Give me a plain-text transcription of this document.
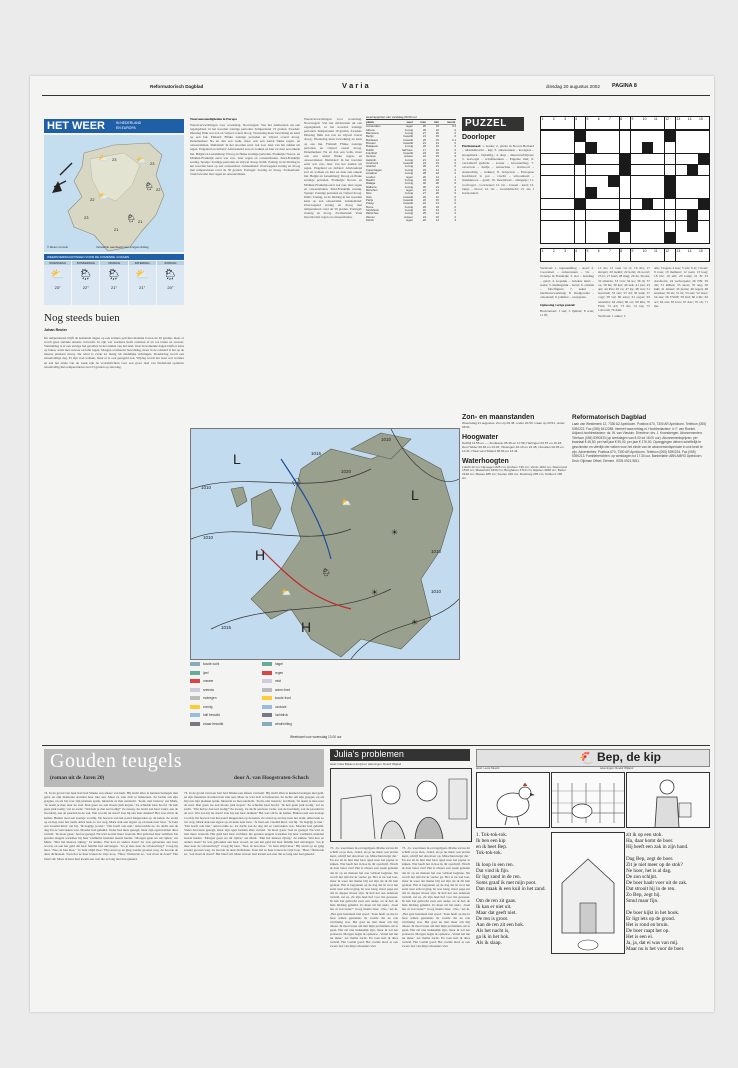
Reformatorisch Dagblad	V a r i a	dinsdag 20 augustus 2002 PAGINA 8
HET WEER	IN NEDERLAND
EN EUROPA
⛅	⛅
🌦
⛅
🌦
23
23
22
22
21
21
23
© Meteo Consult	Verwachte weerbeeld voor morgenmiddag
WEERSVERWACHTINGEN VOOR DE KOMENDE 4 DAGEN
WOENSDAG
⛅
23°
DONDERDAG
🌦
22°
VRIJDAG
🌦
21°
ZATERDAG
⛅
21°
ZONDAG
🌦
20°
Nog steeds buien
Johan Reuter

De temperaturen blijft de komende dagen op een zomers peil met maxima boven de 20 graden, maar er wordt geen stabiele situatie verwacht. In zijn wat warmere lucht ontstaan af en toe buien en onweer. Vanmiddag is er een stevige bui gevallen in het zuiden van het land. Ook de komende dagen blijft er kans op buien, soms met onweer en felle regen. Morgen overheerst bewolking, maar in de ochtend is het op de meeste plaatsen droog. De wind is zwak tot matig uit zuidelijke richtingen. Donderdag wordt een wisselvallige dag. Er zijn veel wolken, maar er is ook geregeld zon. Vrijdag wordt het weer wat warmer en aan het einde van de week zijn de vooruitzichten voor een groot deel van Nederland opnieuw wisselvallig met temperaturen rond 23 graden op zaterdag.

Weersomstandigheden in Europa

Weersverwachtingen voor woensdag. Noorwegen: Van het zuidwesten uit een regengebied, in het noorden zonnige perioden. Temperatuur 19 graden. Zweden: Dinsdag flink wat zon en vrijwel overal droog. Woensdag meer bewolking en kans op een bui. Finland: Flinke zonnige perioden en vrijwel overal droog. Denemarken: Na en dan een wolk, maar ook een aantal flinke regen- en onweersbuien. Duitsland: In het noorden eerst wat zon, later van het zuiden uit regen. Engeland en Ierland: Afwisselend zon en wolken en hier en daar een enkele bui. België en Luxemburg: Droog en flinke zonnige perioden. Frankrijk: Noord- en Midden-Frankrijk eerst wat zon, later regen en onweersbuien. Zuid-Frankrijk zonnig. Spanje: Zonnige perioden en vrijwel droog. Italië: Zonnig, in de middag in het noorden kans op een onweersbui. Griekenland: Overwegend zonnig en droog met temperaturen rond de 30 graden. Portugal: Zonnig en droog. Zwitserland: Vaak bewolkt met regen en onweersbuien.

Weersverwachtingen voor woensdag. Noorwegen: Van het zuidwesten uit een regengebied, in het noorden zonnige perioden. Temperatuur 19 graden. Zweden: Dinsdag flink wat zon en vrijwel overal droog. Woensdag meer bewolking en kans op een bui. Finland: Flinke zonnige perioden en vrijwel overal droog. Denemarken: Na en dan een wolk, maar ook een aantal flinke regen- en onweersbuien. Duitsland: In het noorden eerst wat zon, later van het zuiden uit regen. Engeland en Ierland: Afwisselend zon en wolken en hier en daar een enkele bui. België en Luxemburg: Droog en flinke zonnige perioden. Frankrijk: Noord- en Midden-Frankrijk eerst wat zon, later regen en onweersbuien. Zuid-Frankrijk zonnig. Spanje: Zonnige perioden en vrijwel droog. Italië: Zonnig, in de middag in het noorden kans op een onweersbui. Griekenland: Overwegend zonnig en droog met temperaturen rond de 30 graden. Portugal: Zonnig en droog. Zwitserland: Vaak bewolkt met regen en onweersbuien.

weerrapporten van vandaag 20.00 uur
plaats	weer	max	min	neersl.
Amsterdam	regen	20	15	0.2
Athene	zonnig	30	22	0
Barcelona	zonnig	27	20	0
Berlijn	bewolkt	24	15	0
Bordeaux	bewolkt	25	15	0.1
Brussel	bewolkt	21	13	0
Budapest	zonnig	26	16	0
Dublin	half bew.	17	10	0
Frankfurt	bewolkt	23	15	0
Genève	onweer	22	15	5
Helsinki	zonnig	21	14	0
Innsbruck	bewolkt	23	13	0
Istanbul	zonnig	28	21	0
Kopenhagen	zonnig	23	14	0
Lissabon	zonnig	28	18	0
Londen	regen	20	14	1
Madrid	zonnig	33	18	0
Malaga	zonnig	30	20	0
Mallorca	zonnig	30	21	0
München	regen	21	14	4
Nice	zonnig	27	20	0
Oslo	bewolkt	20	12	0
Parijs	bewolkt	22	15	0
Praag	bewolkt	22	14	0
Rome	zonnig	29	19	0
Stockholm	zonnig	22	13	0
Warschau	zonnig	25	14	0
Wenen	onweer	24	16	2
Zürich	regen	20	13	3
PUZZEL
Doorloper

Horizontaal: 1. boeke; 2. plaats in Noord-Holland – uitzendkracht – kip; 3. onbezonnen – kooigaas – snoepmerk – bijbelfig.; 4. dorp – dierenverblijven; 5. zeevogel – schaftkeuken – Engelse titel; 6. verzameld gedicht – koster – kloosterling; 7. oeverrots – duifje – aanrechter – bontsoort – steenachtig – wekker; 8. bolgewas – Europese hoofdstad; 9. pot – vrucht – schoonheid – muzieknoot – getal; 10. meeldraad – slangetje; 11. roofvogel – voorzetsel; 12. ver – lawaai – kaal; 13. langs – mooi; 14. vis – wereldmacht; 15. zie 1 horizontaal.

1	2	3	4	5	6	7	8	9	10	11	12	13	14	15
1	2	3	4	5	6	7	8	9	10	11	12	13	14	15

Verticaal: 1. tegenstelling – stoel; 2. voorzetsel – onbezonnen – vis – riviertje in Frankrijk; 3. slot – houding – getal; 4. kopstuk – Griekse letter – reeks; 5. kledingstuk – bevel; 6. omtrek – fabelfiguur; 7. zeker – landbouwwerktuig; 8. bladgroente – onwetend; 9. jammer – werpspies.

Oplossing vorige puzzel:

Horizontaal: 1 sen; 5 lijnbiet; 8 scen; 11 ffi;

12 mo 13 vent 14 ci; 16 ma; 17 shrapri; 20 leekbl; 22 holst; 24 novel; 25 tv; 27 knal; 28 mug; 29 ds; 30 eks; 32 ellende; 33 vrai; 34 ko; 36 in; 37 oe; 38 hu; 39 kar; 40 nek; 41 pas; 43 api; 44 Pan; 45 ve; 47 ky; 48 ven; 51 hoornuil; 53 ster; 55 dd; 56 leuk; 57 vogt; 58 vel; 60 ariso; 61 ergon; 63 aanstelst; 64 emst; 66 ort; 69 Ria; 70 Frits; 72 A5; 73 Rs; 74 tap; 75 voltooid; 76 dam.

Verticaal: 1 anker; 2

alle; 3 lagen; 4 koe; 5 ach; 6 at; 7 hoen; 9 rous; 10 malheur; 12 toets; 13 leeg; 18 blz; 19 ieft; 20 lomp; 21 B; 23 doodsovu; 24 welverpakt; 26 NN; 29 dis; 31 kilhen; 33 aacet; 35 ang; 36 huh; 41 tekent; 45 pratte; 46 regen; 48 snaakse; 50 ah; 51 ns; 53 star; 52 laser; 54 eks; 56 VSOP; 58 Ind; 60 tchtr; 62 act; 64 ans; 65 leve; 67 Anc; 70 oh; 71 ma.

L
H
L
H
1010
1015
1020
1010
1015
1010
1010
1010
🌧
⛅
☀
🌦
☀
⛅
☀
koude lucht	hagel
ijzel	regen
onweer	mist
sneeuw	warm front
motregen	koude front
zonnig	occlusie
half bewolkt	luchtdruk
zwaar bewolkt	windrichting
Weerkaart voor woensdag 13.00 uur
Zon- en maanstanden
Woensdag 21 augustus. Zon op 06.38, onder 20.53; maan op 20.51, onder 06.51.
Hoogwater
Delfzijl 11.55 en —; Zoutkamp 05.46 en 17.58; Harlingen 03.57 en 16.18; Den Helder 00.46 en 13.03; Vlissingen 10.19 en 22.48; IJmuiden 02.05 en 14.31; Hoek van Holland 00.54 en 13.44.
Waterhoogten
Lobith 12 cm; Nijmegen 825 cm; Arnhem 740 cm; Venlo 1102 cm; Roermond 1518 cm; Maastricht 4330 cm; Borgharen 3710 cm; Eijsden 4930 cm; Bazel 2140 cm; Maxau 485 cm; Keulen 240 cm; Duisburg 205 cm; Koblenz 165 cm.
Reformatorisch Dagblad
Laan van Westenenk 12, 7336 AZ Apeldoorn. Postbus 670, 7300 AR Apeldoorn. Telefoon (055) 5390222. Fax (055) 5412288. Internet www.refdag.nl. Hoofdredacteur: ir. F. van Roekel. Adjunct-hoofdredacteur: ds. W. van Vlastuin. Directeur: drs. J. Kroesbergen. Abonnementen: Telefoon (055) 5390333 (op werkdagen van 8.00 tot 18.00 uur). Abonnementsprijzen: per kwartaal € 46,50, per half jaar € 90,00, per jaar € 176,00. Opzeggingen dienen schriftelijk te geschieden en uiterlijk vier weken voor het einde van de abonnementsperiode in ons bezit te zijn. Advertenties: Postbus 670, 7300 AR Apeldoorn. Telefoon (055) 5390234. Fax (055) 5390213. Familieberichten: op werkdagen tot 17.30 uur. Bankrelatie: ABN AMRO Apeldoorn. Druk: Dijkman Offset, Diemen. ISSN 0921-9811.
Gouden teugels
(roman uit de Jaren 20)	door A. van Hoogstraten-Schoch

74. In de grond van haar hart had Smeke een afkeer van hem. Hij dacht alles te kunnen beslegen met geld, en zijn manieren stonden haar niet aan. Maar ze wist zich te beheersen. Ze lachte om zijn grapjes, en als hij over zijn plannen sprak, luisterde ze met aandacht. ‘Kom, niet treuren,’ zei Mark, ‘ik neem je mee naar de stad. Dan gaan we een mooie jurk kopen.’ Ze schudde haar hoofd. ‘Ik heb geen jurk nodig,’ zei ze zacht. ‘Wat heb je dan wel nodig?’ Ze zweeg. Ze dacht aan haar vader, aan de boerderij, aan de paarden in de wei. Wat zou hij nu doen? Zou hij aan haar denken? Het was stil in de kamer. Buiten reed een koetsje voorbij. De hoeven van het paard klepperden op de keien. Ze stond op en liep naar het raam. Alles leek zo ver weg. Mark stak een sigaar op en keek naar haar. ‘Je bent een vreemd kind,’ zei hij. ‘Ik begrijp je niet.’ ‘Dat hoeft ook niet,’ antwoordde ze. Ze dacht aan de dag dat ze vertrokken was. Moeder had gehuild. Vader had niets gezegd, maar zijn ogen hadden alles verteld. ‘Ik moet gaan,’ had ze gezegd. Nu wist ze niet meer waarom. Het geld had haar verblind. De gouden teugels waarmee hij haar vasthield, knelden steeds harder. ‘Morgen gaan we uit rijden,’ zei Mark. ‘Met het nieuwe rijtuig.’ Ze knikte. Wat kon ze anders doen? Ze was gebonden aan haar woord, en aan het geld dat haar familie had ontvangen. ‘Ga je mee naar de schouwburg?’ vroeg hij later. ‘Nee, ik ben moe.’ ‘Je bent altijd moe.’ Hij stond op en ging zonder groeten weg. Ze hoorde de deur dichtslaan. Toen liet ze haar tranen de vrije loop. ‘Heer,’ fluisterde ze, ‘wat moet ik doen?’ Het bleef stil. Maar in haar hart kwam een rust die ze lang niet had gekend.

74. In de grond van haar hart had Smeke een afkeer van hem. Hij dacht alles te kunnen beslegen met geld, en zijn manieren stonden haar niet aan. Maar ze wist zich te beheersen. Ze lachte om zijn grapjes, en als hij over zijn plannen sprak, luisterde ze met aandacht. ‘Kom, niet treuren,’ zei Mark, ‘ik neem je mee naar de stad. Dan gaan we een mooie jurk kopen.’ Ze schudde haar hoofd. ‘Ik heb geen jurk nodig,’ zei ze zacht. ‘Wat heb je dan wel nodig?’ Ze zweeg. Ze dacht aan haar vader, aan de boerderij, aan de paarden in de wei. Wat zou hij nu doen? Zou hij aan haar denken? Het was stil in de kamer. Buiten reed een koetsje voorbij. De hoeven van het paard klepperden op de keien. Ze stond op en liep naar het raam. Alles leek zo ver weg. Mark stak een sigaar op en keek naar haar. ‘Je bent een vreemd kind,’ zei hij. ‘Ik begrijp je niet.’ ‘Dat hoeft ook niet,’ antwoordde ze. Ze dacht aan de dag dat ze vertrokken was. Moeder had gehuild. Vader had niets gezegd, maar zijn ogen hadden alles verteld. ‘Ik moet gaan,’ had ze gezegd. Nu wist ze niet meer waarom. Het geld had haar verblind. De gouden teugels waarmee hij haar vasthield, knelden steeds harder. ‘Morgen gaan we uit rijden,’ zei Mark. ‘Met het nieuwe rijtuig.’ Ze knikte. Wat kon ze anders doen? Ze was gebonden aan haar woord, en aan het geld dat haar familie had ontvangen. ‘Ga je mee naar de schouwburg?’ vroeg hij later. ‘Nee, ik ben moe.’ ‘Je bent altijd moe.’ Hij stond op en ging zonder groeten weg. Ze hoorde de deur dichtslaan. Toen liet ze haar tranen de vrije loop. ‘Heer,’ fluisterde ze, ‘wat moet ik doen?’ Het bleef stil. Maar in haar hart kwam een rust die ze lang niet had gekend.

Julia’s problemen
tekst: Inske Bakker-Hooijman; tekeningen: Roelof Wijland

73. ‚Ja, weet meer ik en begrijpen. Mama zal nu dit schrift en je zien, ‚Kind, als je nu maar ook praten kunt, schrijf het dan maar op. Misschien helpt dat.’ En toe zit ik hier met haar ogen naar het papier te kijken. Wat heeft het in hoe ik dit opschrijf. Wordt ik daar beter van? Het is alweer een week geleden dat ik op en meteen het ene verhaal beginne. Nu wordt het tijd dat ik verder ga. Het is nu wel laat, maar ik weet dat mama blij zal zijn als ik dit heb gedaan. Het is begonnen op de dag dat ik voor het eerst naar school ging. Ik was bang, maar papa zei dat ik dapper moest zijn. Ik heb het aan iedereen verteld, zei ze. Ze zijn heel lief voor me geweest. Ik heb het gebracht naar een ander, en ik heb de hele middag gehuild. Zo maar uit het niets. ‚Gaat het al wat beter?’ vroeg mama later. ‚Nee,’ zei ik. ‚Het gaat helemaal niet goed.’ Toen heeft ze me in haar armen genomen. Ik voelde dat ze ook verdrietig was. Het gaat nu niet meer om mij alleen. Ik moet leren om met mijn problemen om te gaan. Het zal niet makkelijk zijn, maar ik wil het proberen. Morgen begin ik opnieuw. ‚Vertel het me nu maar,’ zei mama zacht. En toen heb ik alles verteld. Het voelde goed. Het voelde alsof er een zware last van mijn schouders viel.

73. ‚Ja, weet meer ik en begrijpen. Mama zal nu dit schrift en je zien, ‚Kind, als je nu maar ook praten kunt, schrijf het dan maar op. Misschien helpt dat.’ En toe zit ik hier met haar ogen naar het papier te kijken. Wat heeft het in hoe ik dit opschrijf. Wordt ik daar beter van? Het is alweer een week geleden dat ik op en meteen het ene verhaal beginne. Nu wordt het tijd dat ik verder ga. Het is nu wel laat, maar ik weet dat mama blij zal zijn als ik dit heb gedaan. Het is begonnen op de dag dat ik voor het eerst naar school ging. Ik was bang, maar papa zei dat ik dapper moest zijn. Ik heb het aan iedereen verteld, zei ze. Ze zijn heel lief voor me geweest. Ik heb het gebracht naar een ander, en ik heb de hele middag gehuild. Zo maar uit het niets. ‚Gaat het al wat beter?’ vroeg mama later. ‚Nee,’ zei ik. ‚Het gaat helemaal niet goed.’ Toen heeft ze me in haar armen genomen. Ik voelde dat ze ook verdrietig was. Het gaat nu niet meer om mij alleen. Ik moet leren om met mijn problemen om te gaan. Het zal niet makkelijk zijn, maar ik wil het proberen. Morgen begin ik opnieuw. ‚Vertel het me nu maar,’ zei mama zacht. En toen heb ik alles verteld. Het voelde goed. Het voelde alsof er een zware last van mijn schouders viel.

Bep, de kip
🐔
tekst: Lenie Moerik	tekeningen: Roelof Wijland
1. Tok-tok-tok.
Ik ben een kip
en ik heet Bep.
Tok-tok-tok.

Ik loop in een ren.
Dat vind ik fijn.
Er ligt zand in de ren.
Soms graaf ik met mijn poot.
Dan maak ik een kuil in het zand.

Om de ren zit gaas.
Ik kan er niet uit.
Maar dat geeft niet.
De ren is groot.
Aan de ren zit een hok.
Als het nacht is,
ga ik in het hok.
Als ik slaap.
zit ik op een stok.
Ha, daar komt de boer.
Hij heeft een zak in zijn hand.

Dag Bep, zegt de boer.
Zit je niet meer op de stok?
Ne hoor, het is al dag.
De zon schijnt.
De boer haalt voer uit de zak.
Dat strooit hij in de ren.
Zo Bep, zegt hij.
Smul maar fijn.

De boer kijkt in het hook.
Er ligt iets op de grond.
Het is rond en bruin.
De boer raapt het op.
Het is een ei.
Ja, ja, dat ei was van mij.
Maar nu is het voor de boer.
